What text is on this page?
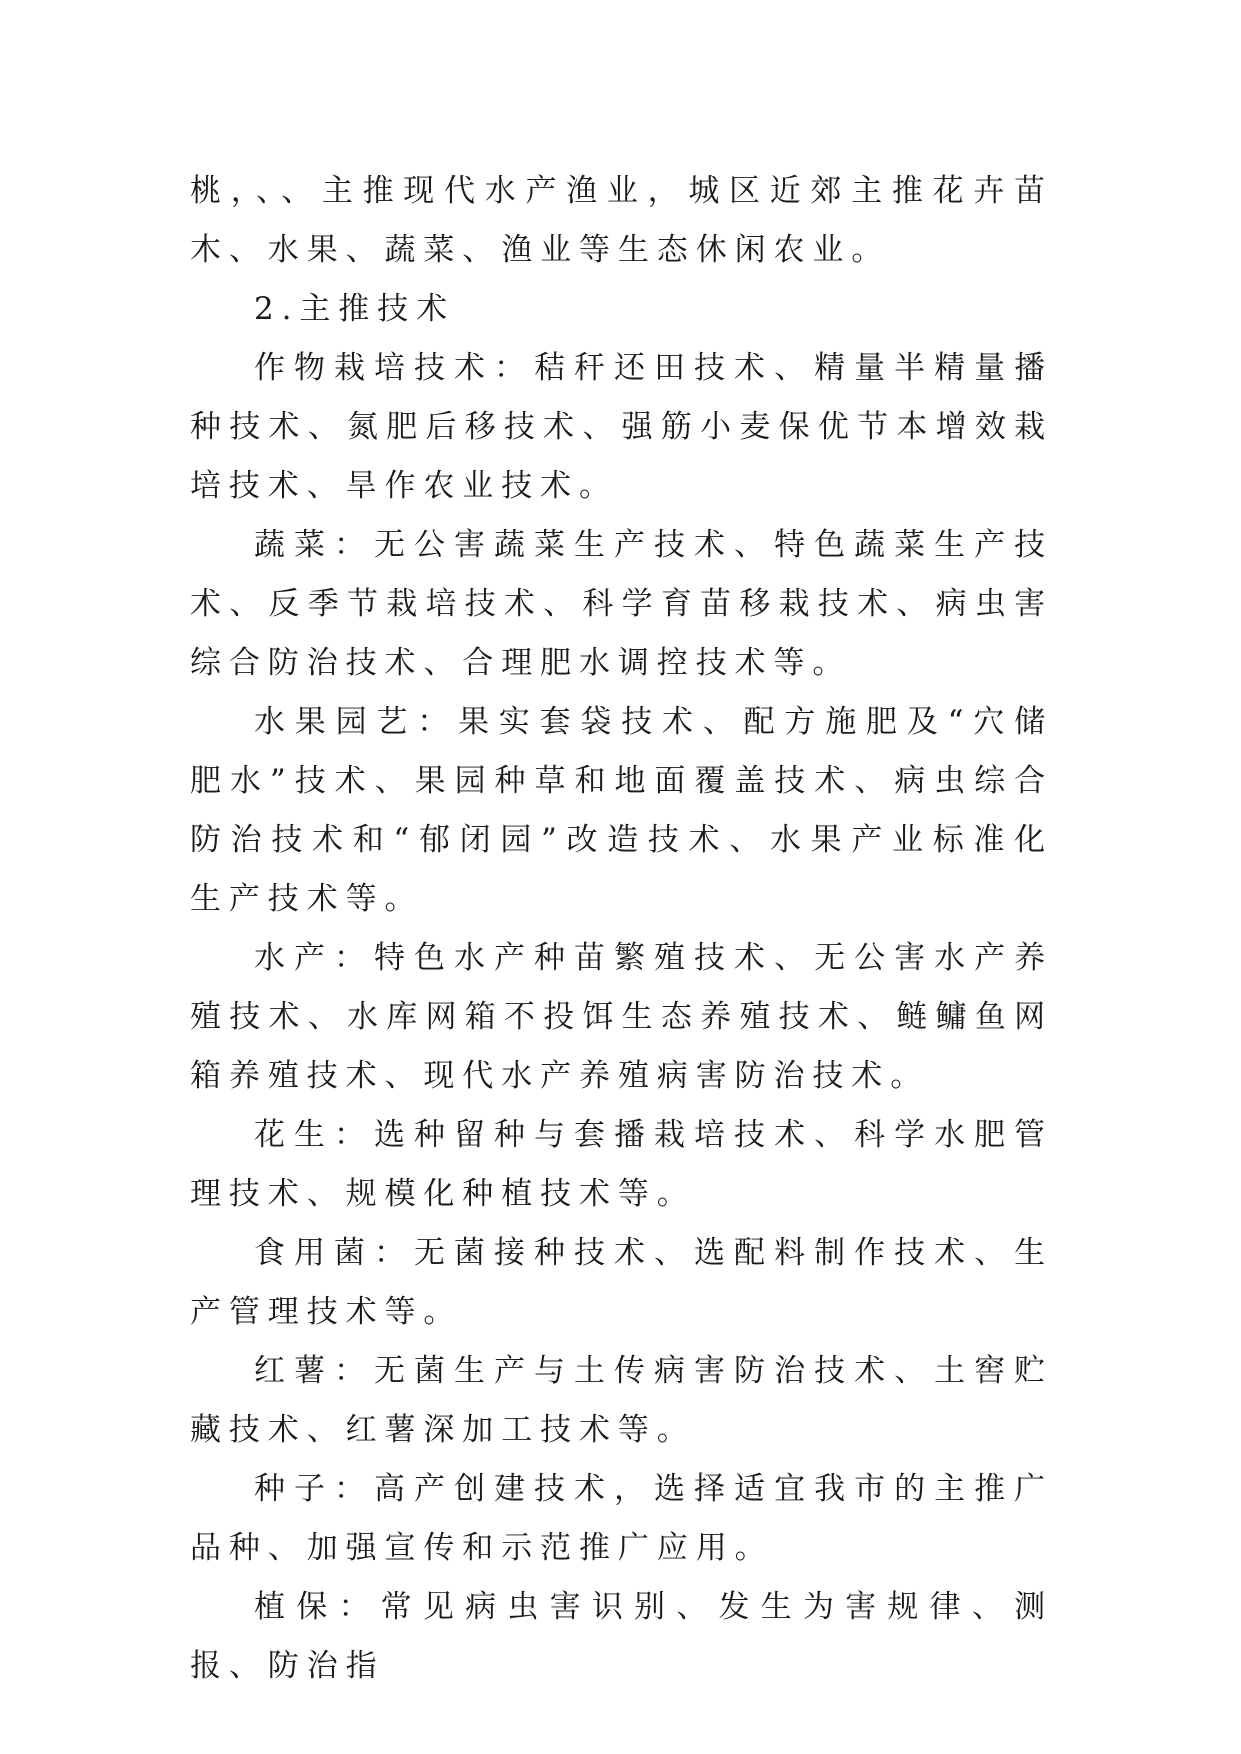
桃，、、主推现代水产渔业，城区近郊主推花卉苗木、水果、蔬菜、渔业等生态休闲农业。

2.主推技术

作物栽培技术：秸秆还田技术、精量半精量播种技术、氮肥后移技术、强筋小麦保优节本增效栽培技术、旱作农业技术。

蔬菜：无公害蔬菜生产技术、特色蔬菜生产技术、反季节栽培技术、科学育苗移栽技术、病虫害综合防治技术、合理肥水调控技术等。

水果园艺：果实套袋技术、配方施肥及“穴储肥水”技术、果园种草和地面覆盖技术、病虫综合防治技术和“郁闭园”改造技术、水果产业标准化生产技术等。

水产：特色水产种苗繁殖技术、无公害水产养殖技术、水库网箱不投饵生态养殖技术、鲢鳙鱼网箱养殖技术、现代水产养殖病害防治技术。

花生：选种留种与套播栽培技术、科学水肥管理技术、规模化种植技术等。

食用菌：无菌接种技术、选配料制作技术、生产管理技术等。

红薯：无菌生产与土传病害防治技术、土窖贮藏技术、红薯深加工技术等。

种子：高产创建技术，选择适宜我市的主推广品种、加强宣传和示范推广应用。

植保：常见病虫害识别、发生为害规律、测报、防治指
